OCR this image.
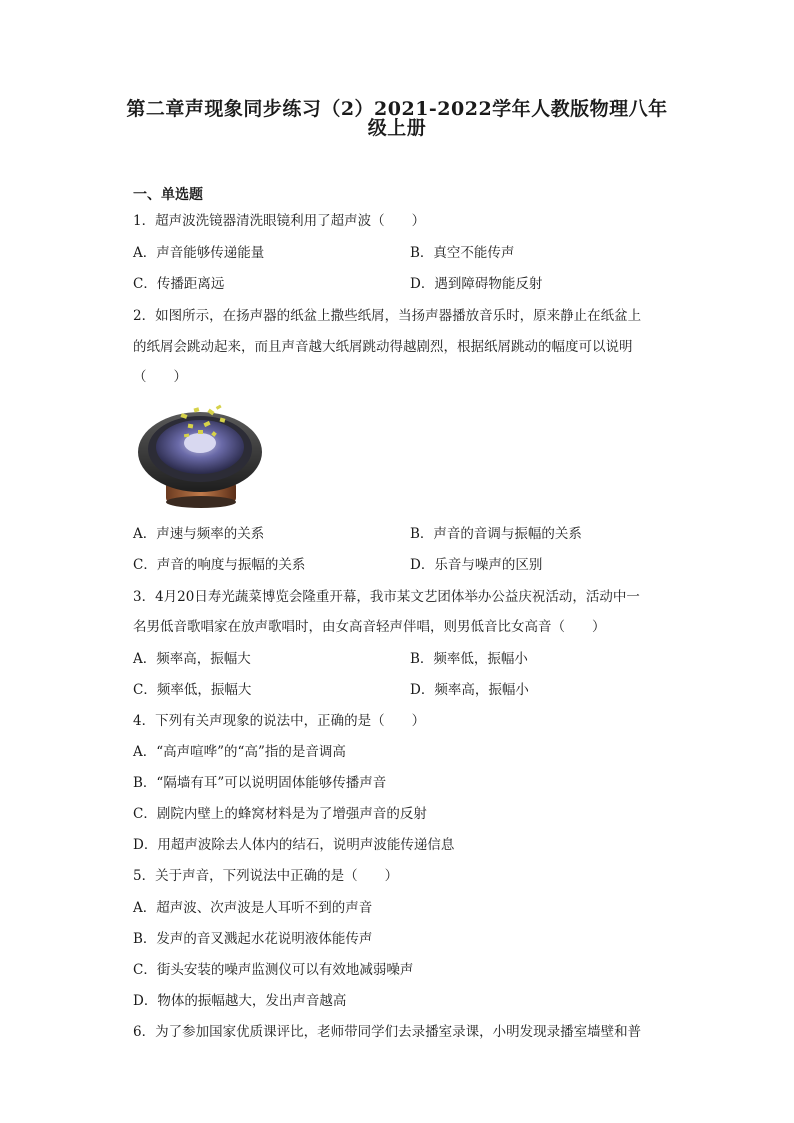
第二章声现象同步练习（2）2021-2022学年人教版物理八年
级上册
一、单选题
1．超声波洗镜器清洗眼镜利用了超声波（　　）
A．声音能够传递能量	B．真空不能传声
C．传播距离远	D．遇到障碍物能反射
2．如图所示，在扬声器的纸盆上撒些纸屑，当扬声器播放音乐时，原来静止在纸盆上
的纸屑会跳动起来，而且声音越大纸屑跳动得越剧烈，根据纸屑跳动的幅度可以说明
（　　）
A．声速与频率的关系	B．声音的音调与振幅的关系
C．声音的响度与振幅的关系	D．乐音与噪声的区别
3．4月20日寿光蔬菜博览会隆重开幕，我市某文艺团体举办公益庆祝活动，活动中一
名男低音歌唱家在放声歌唱时，由女高音轻声伴唱，则男低音比女高音（　　）
A．频率高，振幅大	B．频率低，振幅小
C．频率低，振幅大	D．频率高，振幅小
4．下列有关声现象的说法中，正确的是（　　）
A．“高声喧哗”的“高”指的是音调高
B．“隔墙有耳”可以说明固体能够传播声音
C．剧院内壁上的蜂窝材料是为了增强声音的反射
D．用超声波除去人体内的结石，说明声波能传递信息
5．关于声音，下列说法中正确的是（　　）
A．超声波、次声波是人耳听不到的声音
B．发声的音叉溅起水花说明液体能传声
C．街头安装的噪声监测仪可以有效地减弱噪声
D．物体的振幅越大，发出声音越高
6．为了参加国家优质课评比，老师带同学们去录播室录课，小明发现录播室墙壁和普
